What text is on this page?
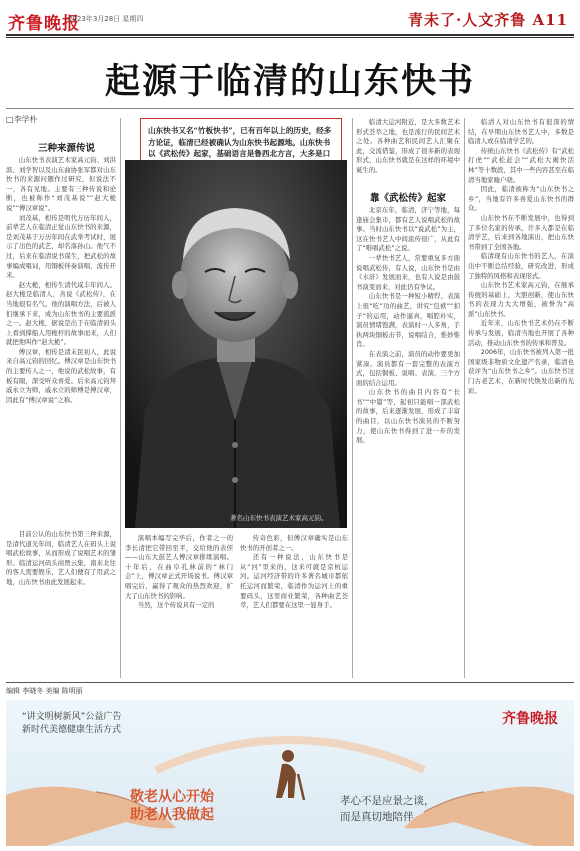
齐鲁晚报
2023年3月28日 星期四	青未了·人文齐鲁 A11
起源于临清的山东快书
□李学朴
三种来源传说

山东快书表演艺术家高元钧、刘洪滨、刘学智以及山东曲协张军都对山东快书的来源问题作过研究，但说法不一，各有见地。主要有三种传说和论断，也被称作“刘茂基说”“赵大桅说”“傅汉章说”。

刘茂基，相传是明代万历年间人，前辈艺人在临清正觉山东快书的来源，是刘茂基于万历年间在武举考试时，展示了出色的武艺，却名落孙山。他气不过，后来在临清说书谋生，把武松的故事编成唱词，用铜板伴奏演唱，流传开来。

赵大桅，相传生清代咸丰年间人。赵大桅是临清人，善说《武松传》，在当地很有名气。他的演唱方法，后被人们继承下来，成为山东快书的主要流派之一。赵大桅，据说是出于在临清码头上看到撑船人用桅杆的故事而来，人们就把他叫作“赵大桅”。

傅汉章，相传是清末民初人，此说来自高元钧的回忆。傅汉章是山东快书的主要传人之一，他说的武松故事，有板有眼，深受听众喜爱。后来高元钧拜戚永立为师，戚永立的师傅是傅汉章，因此有“傅汉章说”之称。

目前公认的山东快书第三种来源，是清代道光年间，临清艺人在码头上说唱武松故事，从而形成了说唱艺术的雏形。临清运河码头商贾云集，南来北往的客人需要娱乐，艺人们便有了用武之地，山东快书由此发展起来。

山东快书又名“竹板快书”，已有百年以上的历史，经多方论证，临清已经被确认为山东快书起源地。山东快书以《武松传》起家，基础语言是鲁西北方言，大多是口
著名山东快书表演艺术家高元钧。

演唱本编写完毕后，作者之一的李长清把它带回至平，交给他的表侄——山东大鼓艺人傅汉章排练演唱。十年后，在曲阜孔林前的“林门会”上，傅汉章正式开场说书。傅汉章唱完后，赢得了观众的热烈欢迎，扩大了山东快书的影响。

当然，这个传说具有一定的

传奇色彩，但傅汉章确实是山东快书的开创者之一。

还有一种说法，山东快书是从“河”里来的，这来可就是京杭运河。运河经济带的许多著名城市都依托运河而繁荣，临清作为运河上的重要码头，这里商业繁荣，各种曲艺荟萃，艺人们都要在这里一显身手。

临清大运河附近，是大多数艺术形式荟萃之地，也是流行的民间艺术之处。各种曲艺和民间艺人汇聚在此，交流借鉴，形成了很多新的表现形式，山东快书就是在这样的环境中诞生的。

靠《武松传》起家

北京东年，临清，济宁等地，每逢庙会集市，都有艺人说唱武松的故事。当时山东快书以“说武松”为主，这在快书艺人中间流传很广，从此有了“唯唱武松”之说。

一辈快书艺人，常要重复多方面说唱武松传，有人说，山东快书是由《水浒》发展而来，也有人说是由鼓书演变而来，对此仍有争议。

山东快书是一种短小精悍、表演上很“吃”功的曲艺，讲究“包袱”“扣子”的运用，动作逼真，唱腔朴实，演员情绪饱满，表演时一人多角，手执两块铜板击节，说唱结合，惟妙惟肖。

在表演之前，演员的动作要更加紧凑。演员都有一套完整的表演方式，包括铜板、说唱、表演，三个方面的结合运用。

山东快书的曲目内容有“长书”“中篇”等，起初只能唱一部武松的故事，后来逐渐发展，形成了丰富的曲目，以山东快书演员的不断努力，使山东快书得到了进一步的发展。

临清人对山东快书有很深的情结，在早期山东快书艺人中，多数是临清人或在临清学艺的。

传统山东快书《武松传》有“武松打虎”“武松赶会”“武松大闹快活林”等十数段，其中一些内容甚至在临清当地家喻户晓。

因此，临清被称为“山东快书之乡”，当地有许多喜爱山东快书的群众。

山东快书在不断发展中，也得到了多位名家的传承，许多人都是在临清学艺，后来到各地演出，把山东快书带到了全国各地。

临清现有山东快书的艺人，在演出中不断总结经验，研究改进，形成了独特的风格和表现形式。

山东快书艺术家高元钧，在继承传统的基础上，大胆创新，使山东快书的表现力大大增强，被誉为“高派”山东快书。

近年来，山东快书艺术仍在不断传承与发展，临清当地也开展了各种活动，推动山东快书的传承和普及。

2006年，山东快书被列入第一批国家级非物质文化遗产名录，临清也获评为“山东快书之乡”。山东快书这门古老艺术，在新时代焕发出新的光彩。

编辑 李晓冬 美编 陈明丽
“讲文明树新风”公益广告
新时代美德健康生活方式
齐鲁晚报
敬老从心开始
助老从我做起
孝心不是应景之谈，
而是真切地陪伴
